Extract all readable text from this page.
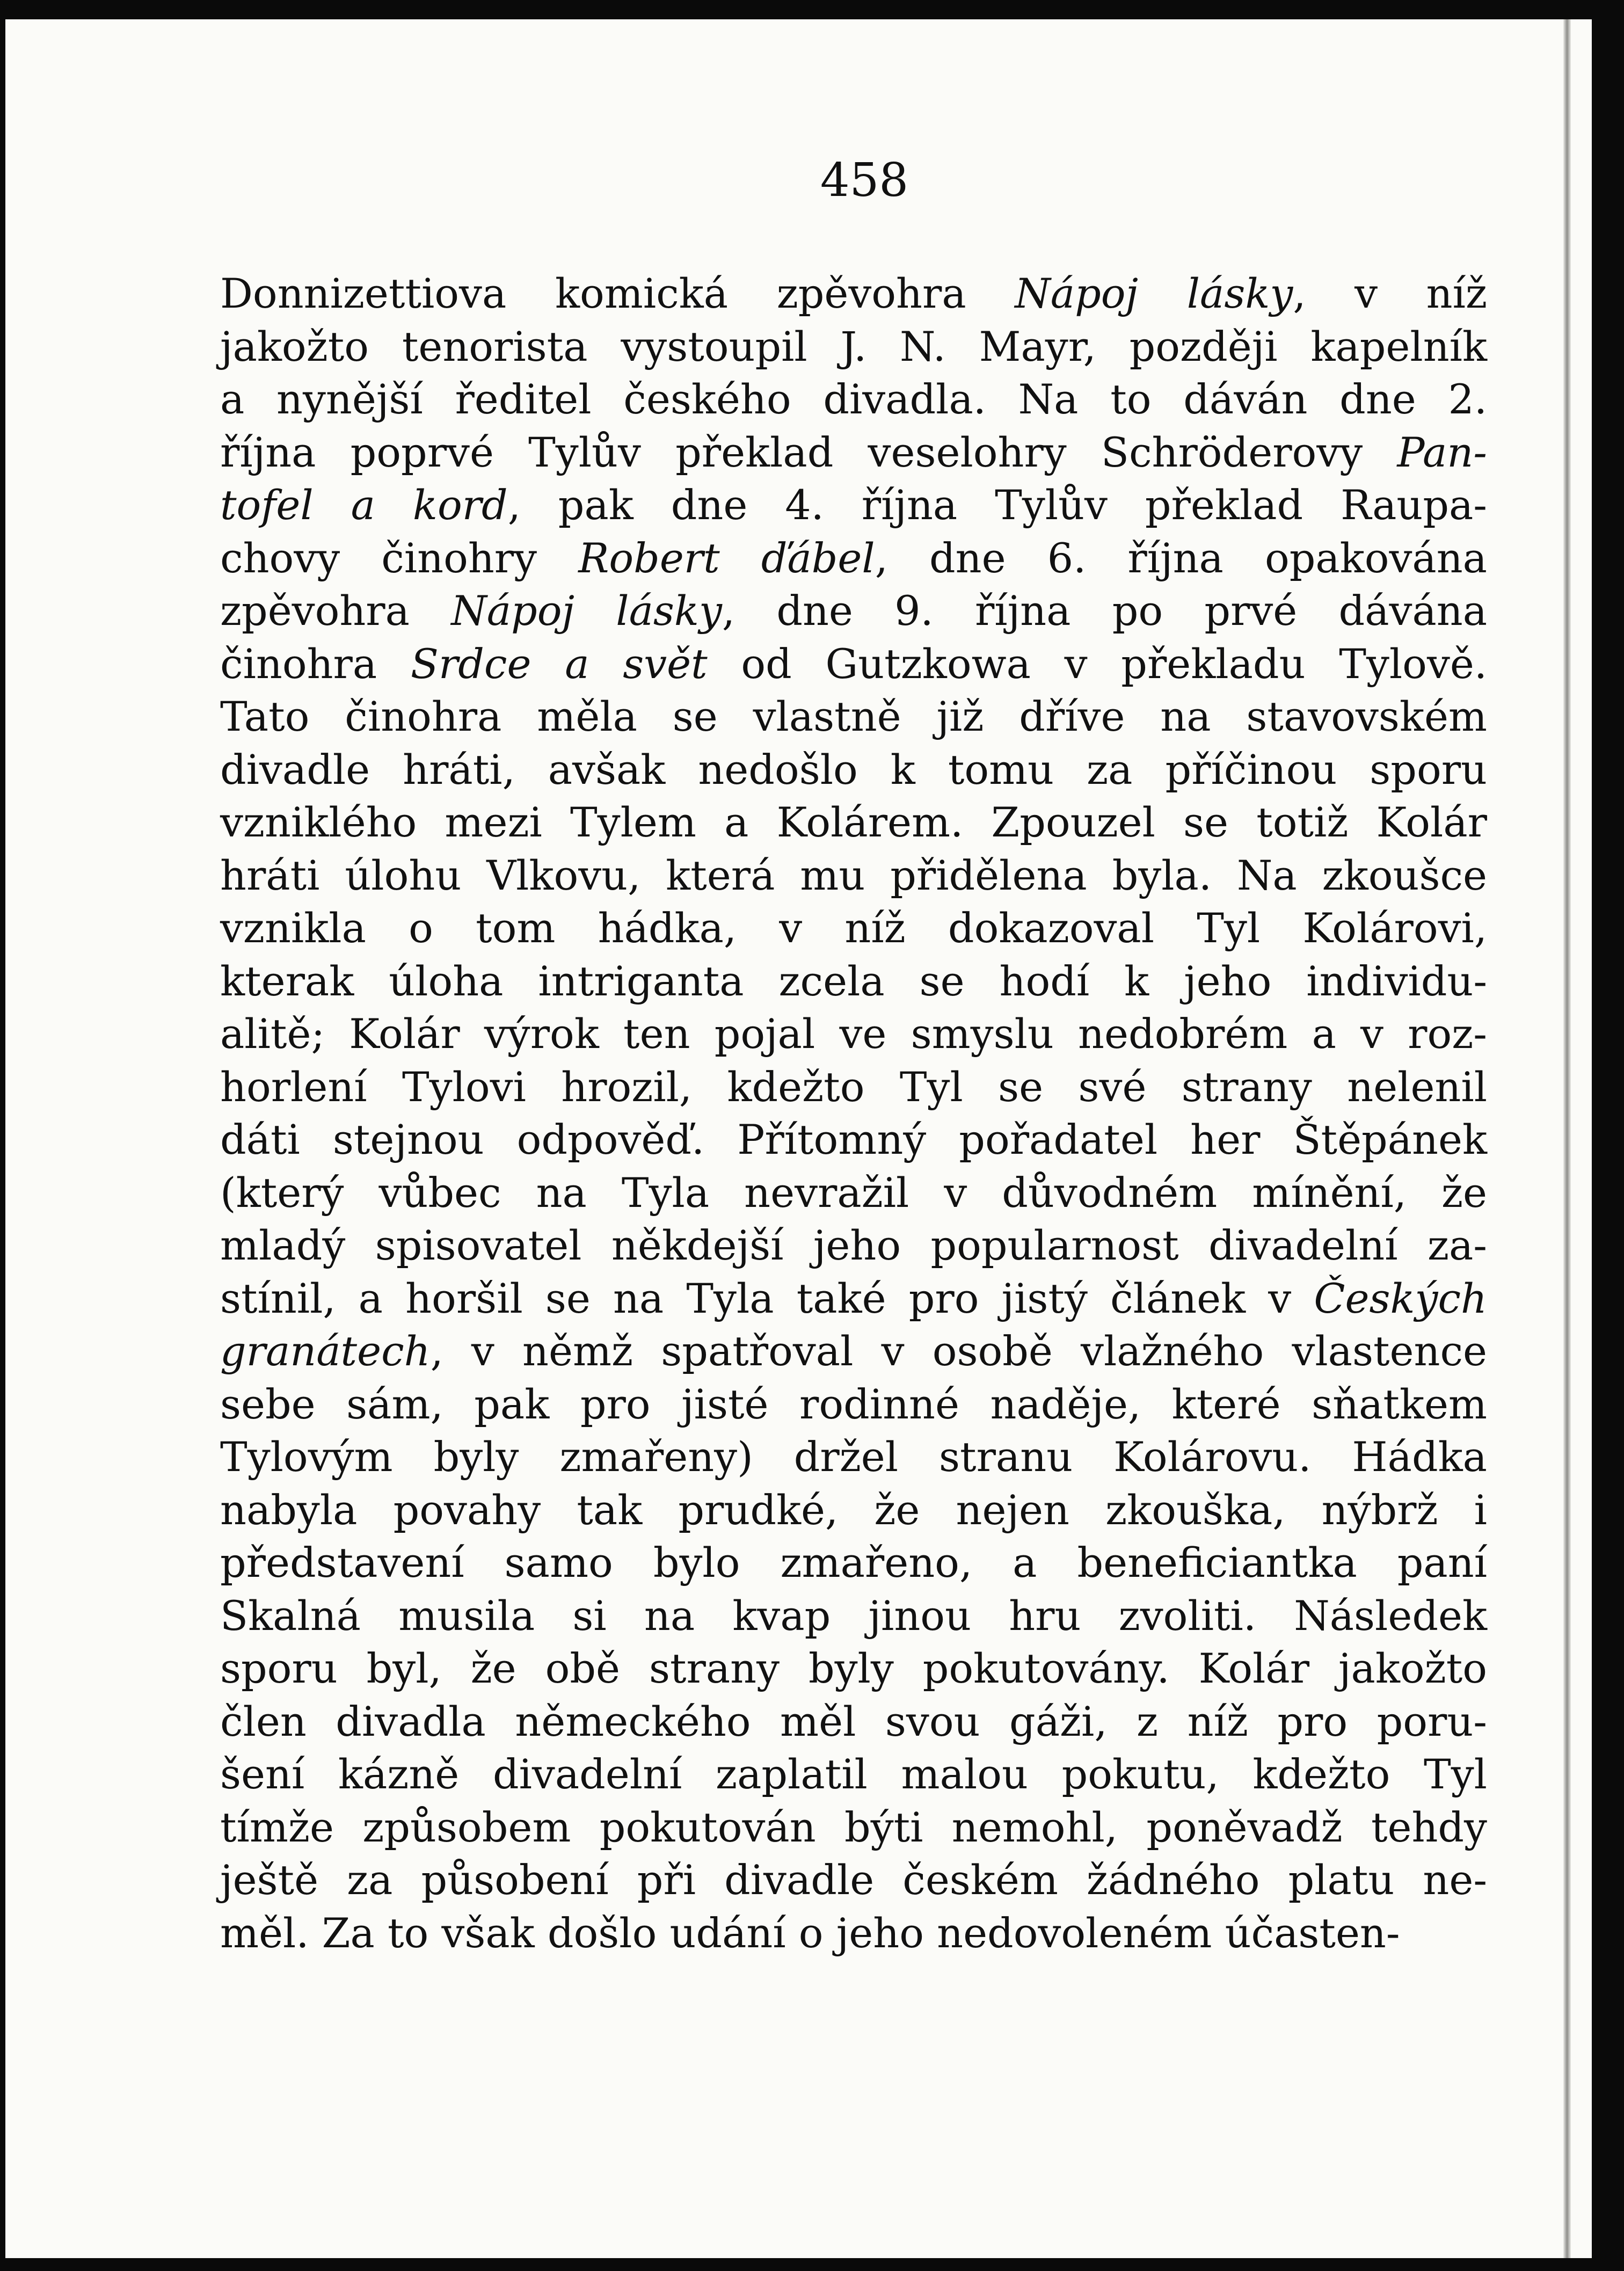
458
Donnizettiova komická zpěvohra Nápoj lásky, v níž
jakožto tenorista vystoupil J. N. Mayr, později kapelník
a nynější ředitel českého divadla. Na to dáván dne 2.
října poprvé Tylův překlad veselohry Schröderovy Pan-
tofel a kord, pak dne 4. října Tylův překlad Raupa-
chovy činohry Robert ďábel, dne 6. října opakována
zpěvohra Nápoj lásky, dne 9. října po prvé dávána
činohra Srdce a svět od Gutzkowa v překladu Tylově.
Tato činohra měla se vlastně již dříve na stavovském
divadle hráti, avšak nedošlo k tomu za příčinou sporu
vzniklého mezi Tylem a Kolárem. Zpouzel se totiž Kolár
hráti úlohu Vlkovu, která mu přidělena byla. Na zkoušce
vznikla o tom hádka, v níž dokazoval Tyl Kolárovi,
kterak úloha intriganta zcela se hodí k jeho individu-
alitě; Kolár výrok ten pojal ve smyslu nedobrém a v roz-
horlení Tylovi hrozil, kdežto Tyl se své strany nelenil
dáti stejnou odpověď. Přítomný pořadatel her Štěpánek
(který vůbec na Tyla nevražil v důvodném mínění, že
mladý spisovatel někdejší jeho popularnost divadelní za-
stínil, a horšil se na Tyla také pro jistý článek v Českých
granátech, v němž spatřoval v osobě vlažného vlastence
sebe sám, pak pro jisté rodinné naděje, které sňatkem
Tylovým byly zmařeny) držel stranu Kolárovu. Hádka
nabyla povahy tak prudké, že nejen zkouška, nýbrž i
představení samo bylo zmařeno, a beneficiantka paní
Skalná musila si na kvap jinou hru zvoliti. Následek
sporu byl, že obě strany byly pokutovány. Kolár jakožto
člen divadla německého měl svou gáži, z níž pro poru-
šení kázně divadelní zaplatil malou pokutu, kdežto Tyl
tímže způsobem pokutován býti nemohl, poněvadž tehdy
ještě za působení při divadle českém žádného platu ne-
měl. Za to však došlo udání o jeho nedovoleném účasten-
